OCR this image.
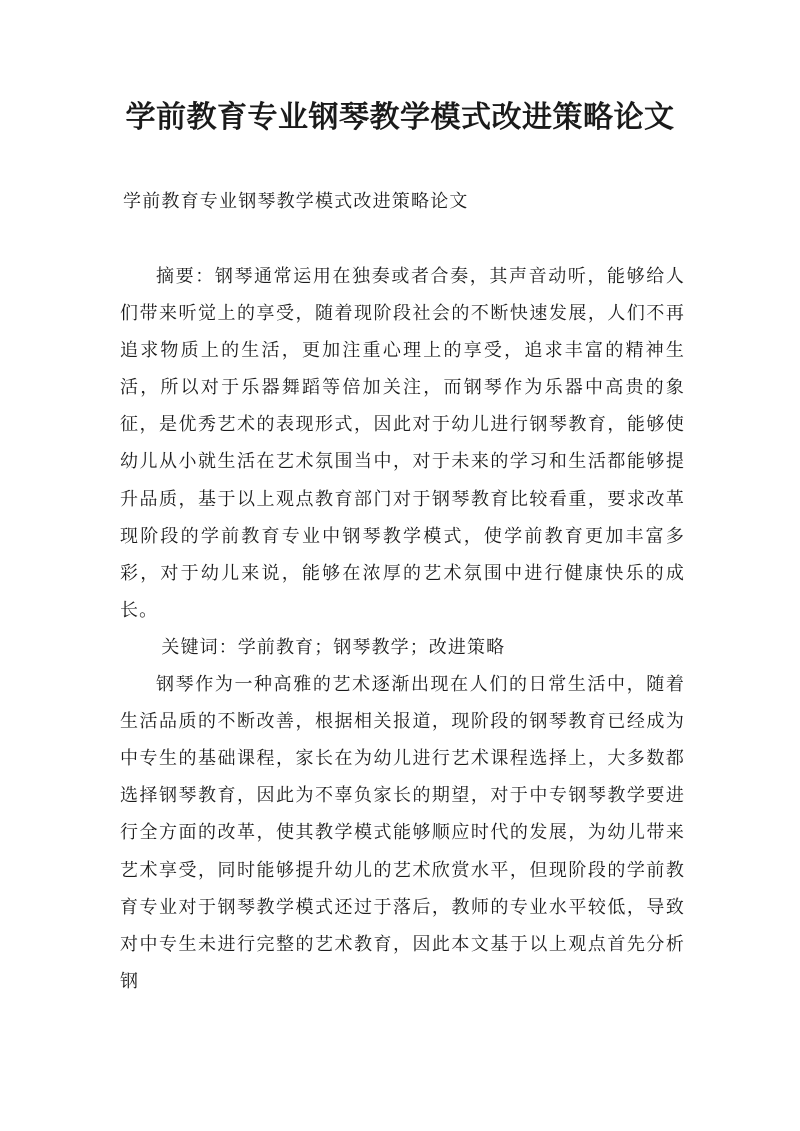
学前教育专业钢琴教学模式改进策略论文

学前教育专业钢琴教学模式改进策略论文

摘要：钢琴通常运用在独奏或者合奏，其声音动听，能够给人们带来听觉上的享受，随着现阶段社会的不断快速发展，人们不再追求物质上的生活，更加注重心理上的享受，追求丰富的精神生活，所以对于乐器舞蹈等倍加关注，而钢琴作为乐器中高贵的象征，是优秀艺术的表现形式，因此对于幼儿进行钢琴教育，能够使幼儿从小就生活在艺术氛围当中，对于未来的学习和生活都能够提升品质，基于以上观点教育部门对于钢琴教育比较看重，要求改革现阶段的学前教育专业中钢琴教学模式，使学前教育更加丰富多彩，对于幼儿来说，能够在浓厚的艺术氛围中进行健康快乐的成长。

关键词：学前教育；钢琴教学；改进策略

钢琴作为一种高雅的艺术逐渐出现在人们的日常生活中，随着生活品质的不断改善，根据相关报道，现阶段的钢琴教育已经成为中专生的基础课程，家长在为幼儿进行艺术课程选择上，大多数都选择钢琴教育，因此为不辜负家长的期望，对于中专钢琴教学要进行全方面的改革，使其教学模式能够顺应时代的发展，为幼儿带来艺术享受，同时能够提升幼儿的艺术欣赏水平，但现阶段的学前教育专业对于钢琴教学模式还过于落后，教师的专业水平较低，导致对中专生未进行完整的艺术教育，因此本文基于以上观点首先分析钢
